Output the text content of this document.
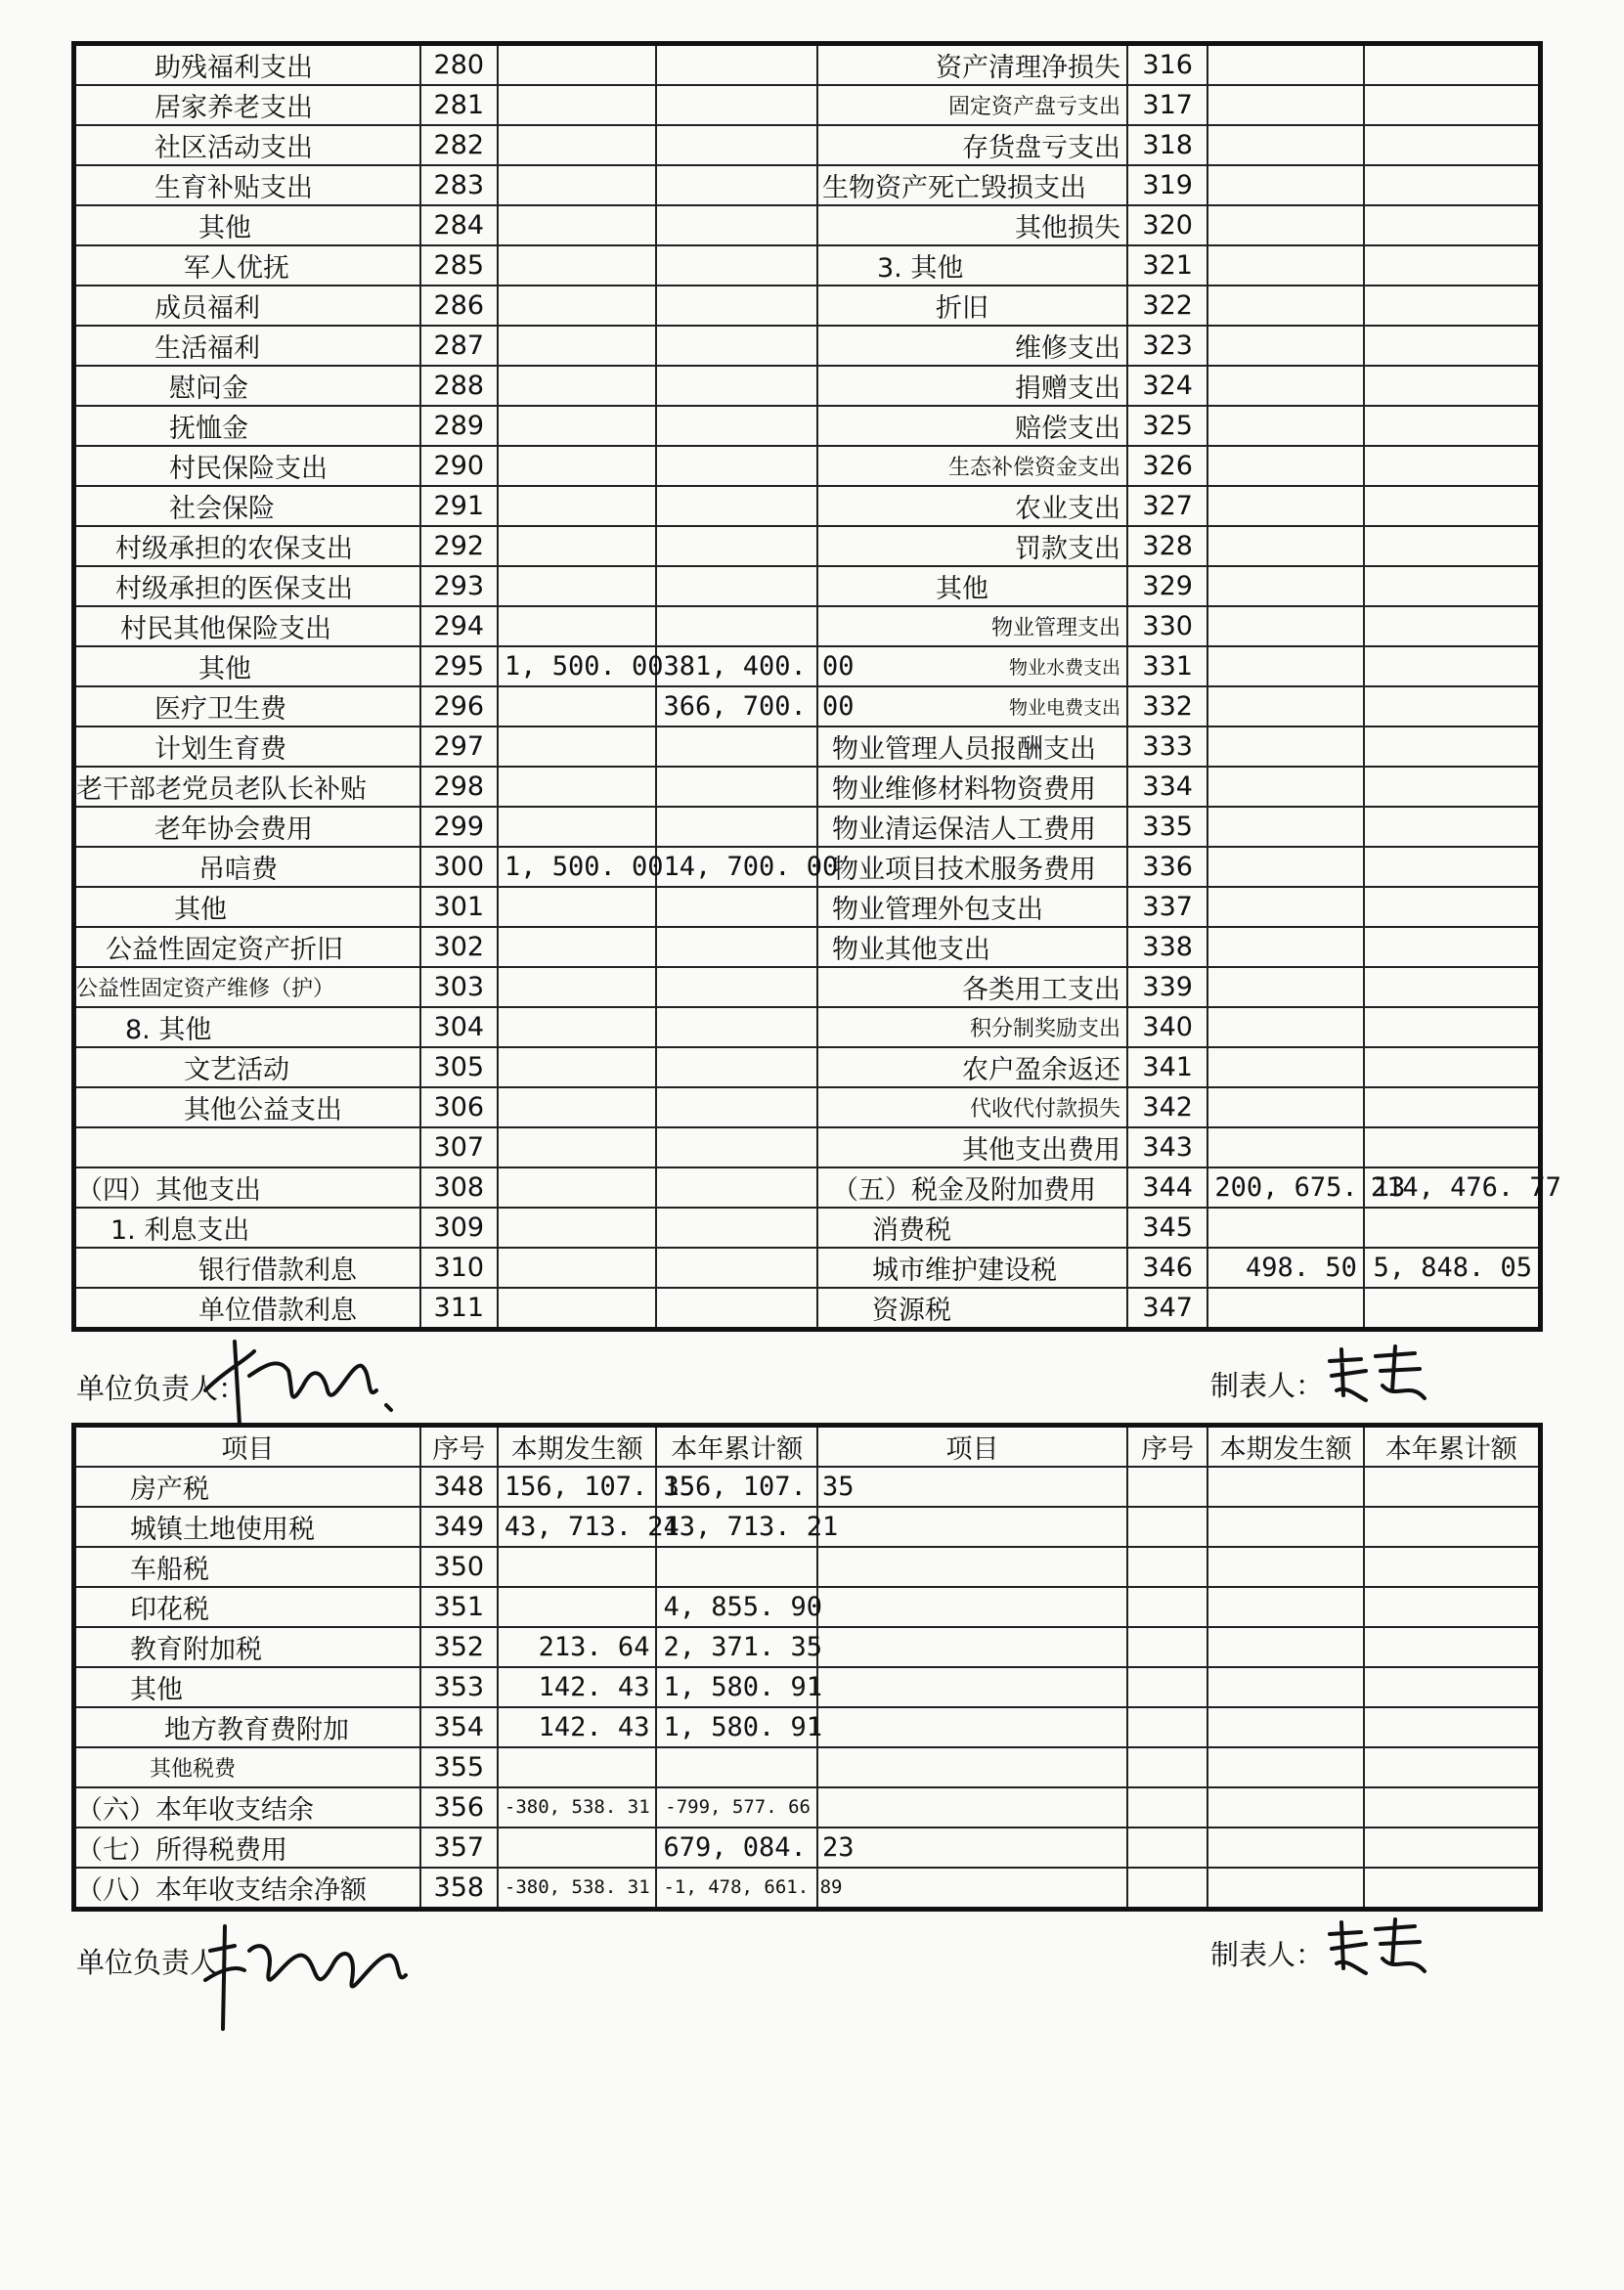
助残福利支出	280			资产清理净损失	316		
居家养老支出	281			固定资产盘亏支出	317		
社区活动支出	282			存货盘亏支出	318		
生育补贴支出	283			生物资产死亡毁损支出	319		
其他	284			其他损失	320		
军人优抚	285			3. 其他	321		
成员福利	286			折旧	322		
生活福利	287			维修支出	323		
慰问金	288			捐赠支出	324		
抚恤金	289			赔偿支出	325		
村民保险支出	290			生态补偿资金支出	326		
社会保险	291			农业支出	327		
村级承担的农保支出	292			罚款支出	328		
村级承担的医保支出	293			其他	329		
村民其他保险支出	294			物业管理支出	330		
其他	295	1, 500. 00	381, 400. 00	物业水费支出	331		
医疗卫生费	296		366, 700. 00	物业电费支出	332		
计划生育费	297			物业管理人员报酬支出	333		
老干部老党员老队长补贴	298			物业维修材料物资费用	334		
老年协会费用	299			物业清运保洁人工费用	335		
吊唁费	300	1, 500. 00	14, 700. 00	物业项目技术服务费用	336		
其他	301			物业管理外包支出	337		
公益性固定资产折旧	302			物业其他支出	338		
公益性固定资产维修（护）	303			各类用工支出	339		
8. 其他	304			积分制奖励支出	340		
文艺活动	305			农户盈余返还	341		
其他公益支出	306			代收代付款损失	342		
	307			其他支出费用	343		
（四）其他支出	308			（五）税金及附加费用	344	200, 675. 13	214, 476. 77
1. 利息支出	309			消费税	345		
银行借款利息	310			城市维护建设税	346	498. 50	5, 848. 05
单位借款利息	311			资源税	347		
单位负责人：	制表人：
项目	序号	本期发生额	本年累计额	项目	序号	本期发生额	本年累计额
房产税	348	156, 107. 35	156, 107. 35				
城镇土地使用税	349	43, 713. 21	43, 713. 21				
车船税	350						
印花税	351		4, 855. 90				
教育附加税	352	213. 64	2, 371. 35				
其他	353	142. 43	1, 580. 91				
地方教育费附加	354	142. 43	1, 580. 91				
其他税费	355						
（六）本年收支结余	356	-380, 538. 31	-799, 577. 66				
（七）所得税费用	357		679, 084. 23				
（八）本年收支结余净额	358	-380, 538. 31	-1, 478, 661. 89				
单位负责人：	制表人：
